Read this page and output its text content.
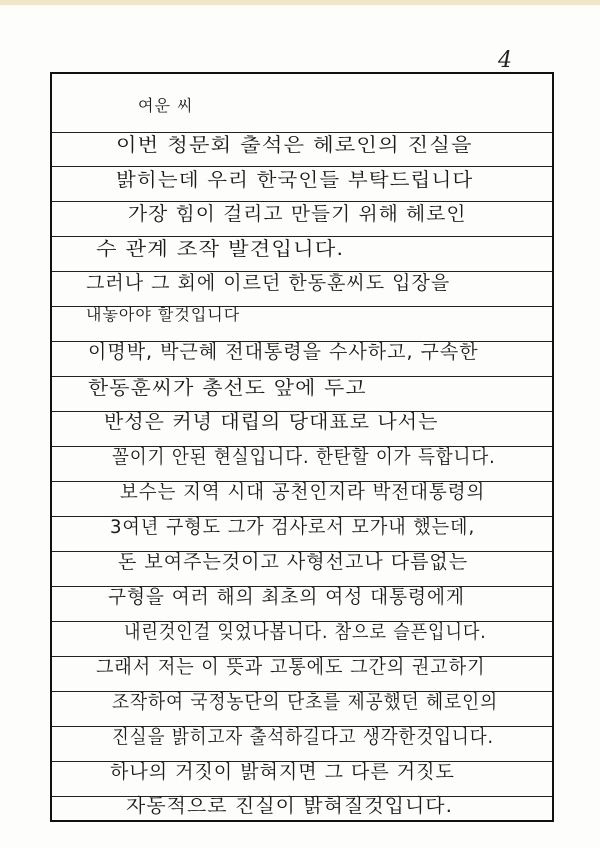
4
여운 씨
이번 청문회 출석은 헤로인의 진실을
밝히는데 우리 한국인들 부탁드립니다
가장 힘이 걸리고 만들기 위해 헤로인
수 관계 조작 발견입니다.
그러나 그 회에 이르던 한동훈씨도 입장을
내놓아야 할것입니다
이명박, 박근혜 전대통령을 수사하고, 구속한
한동훈씨가 총선도 앞에 두고
반성은 커녕 대립의 당대표로 나서는
꼴이기 안된 현실입니다. 한탄할 이가 득합니다.
보수는 지역 시대 공천인지라 박전대통령의
3여년 구형도 그가 검사로서 모가내 했는데,
돈 보여주는것이고 사형선고나 다름없는
구형을 여러 해의 최초의 여성 대통령에게
내린것인걸 잊었나봅니다. 참으로 슬픈입니다.
그래서 저는 이 뜻과 고통에도 그간의 권고하기
조작하여 국정농단의 단초를 제공했던 헤로인의
진실을 밝히고자 출석하길다고 생각한것입니다.
하나의 거짓이 밝혀지면 그 다른 거짓도
자동적으로 진실이 밝혀질것입니다.
